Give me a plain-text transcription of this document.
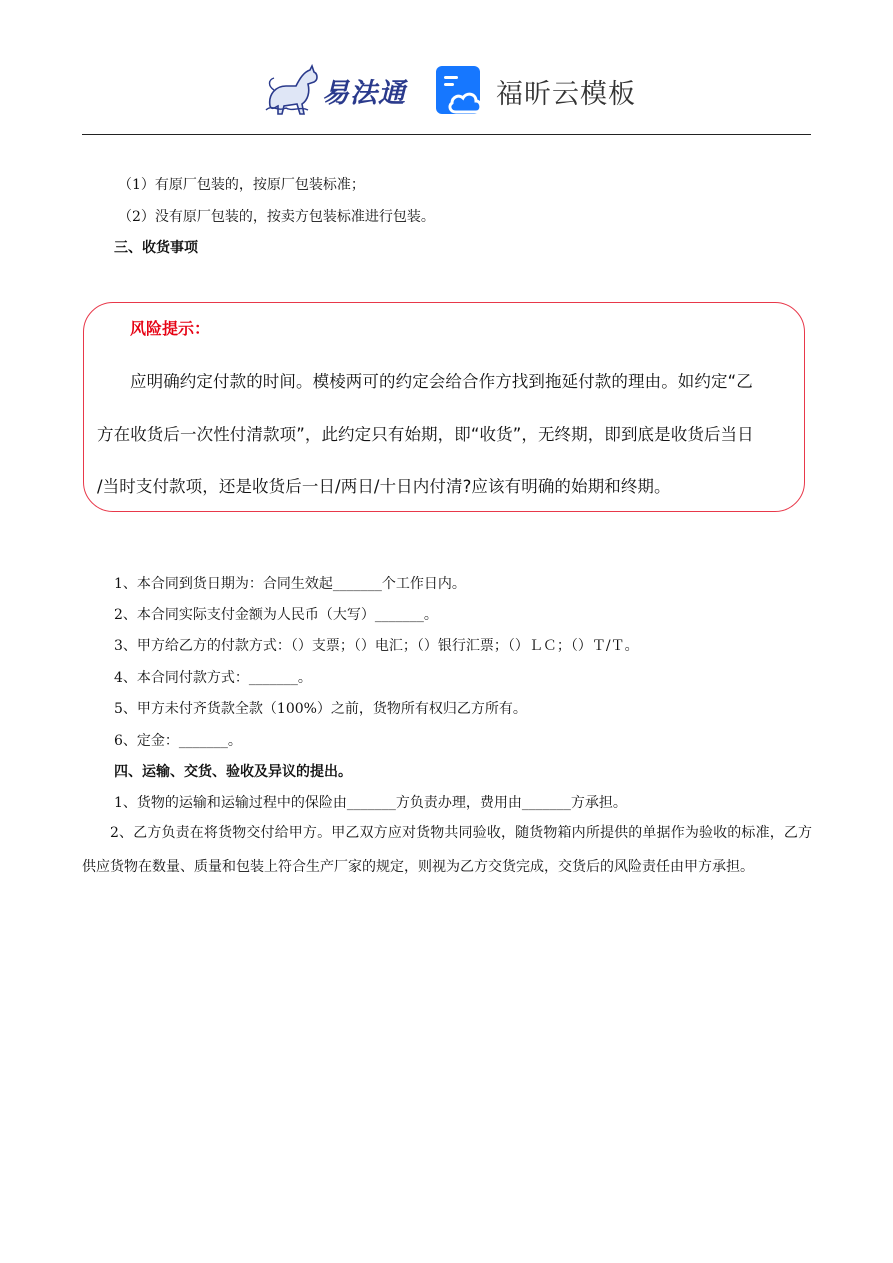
易法通	福昕云模板
（1）有原厂包装的，按原厂包装标准；
（2）没有原厂包装的，按卖方包装标准进行包装。
三、收货事项
风险提示：
应明确约定付款的时间。模棱两可的约定会给合作方找到拖延付款的理由。如约定“乙
方在收货后一次性付清款项”，此约定只有始期，即“收货”，无终期，即到底是收货后当日
/当时支付款项，还是收货后一日/两日/十日内付清?应该有明确的始期和终期。
1、本合同到货日期为：合同生效起_______个工作日内。
2、本合同实际支付金额为人民币（大写）_______。
3、甲方给乙方的付款方式：（）支票；（）电汇；（）银行汇票；（）ＬＣ；（）Ｔ/Ｔ。
4、本合同付款方式：_______。
5、甲方未付齐货款全款（100%）之前，货物所有权归乙方所有。
6、定金：_______。
四、运输、交货、验收及异议的提出。
1、货物的运输和运输过程中的保险由_______方负责办理，费用由_______方承担。
2、乙方负责在将货物交付给甲方。甲乙双方应对货物共同验收，随货物箱内所提供的单据作为验收的标准，乙方供应货物在数量、质量和包装上符合生产厂家的规定，则视为乙方交货完成，交货后的风险责任由甲方承担。
